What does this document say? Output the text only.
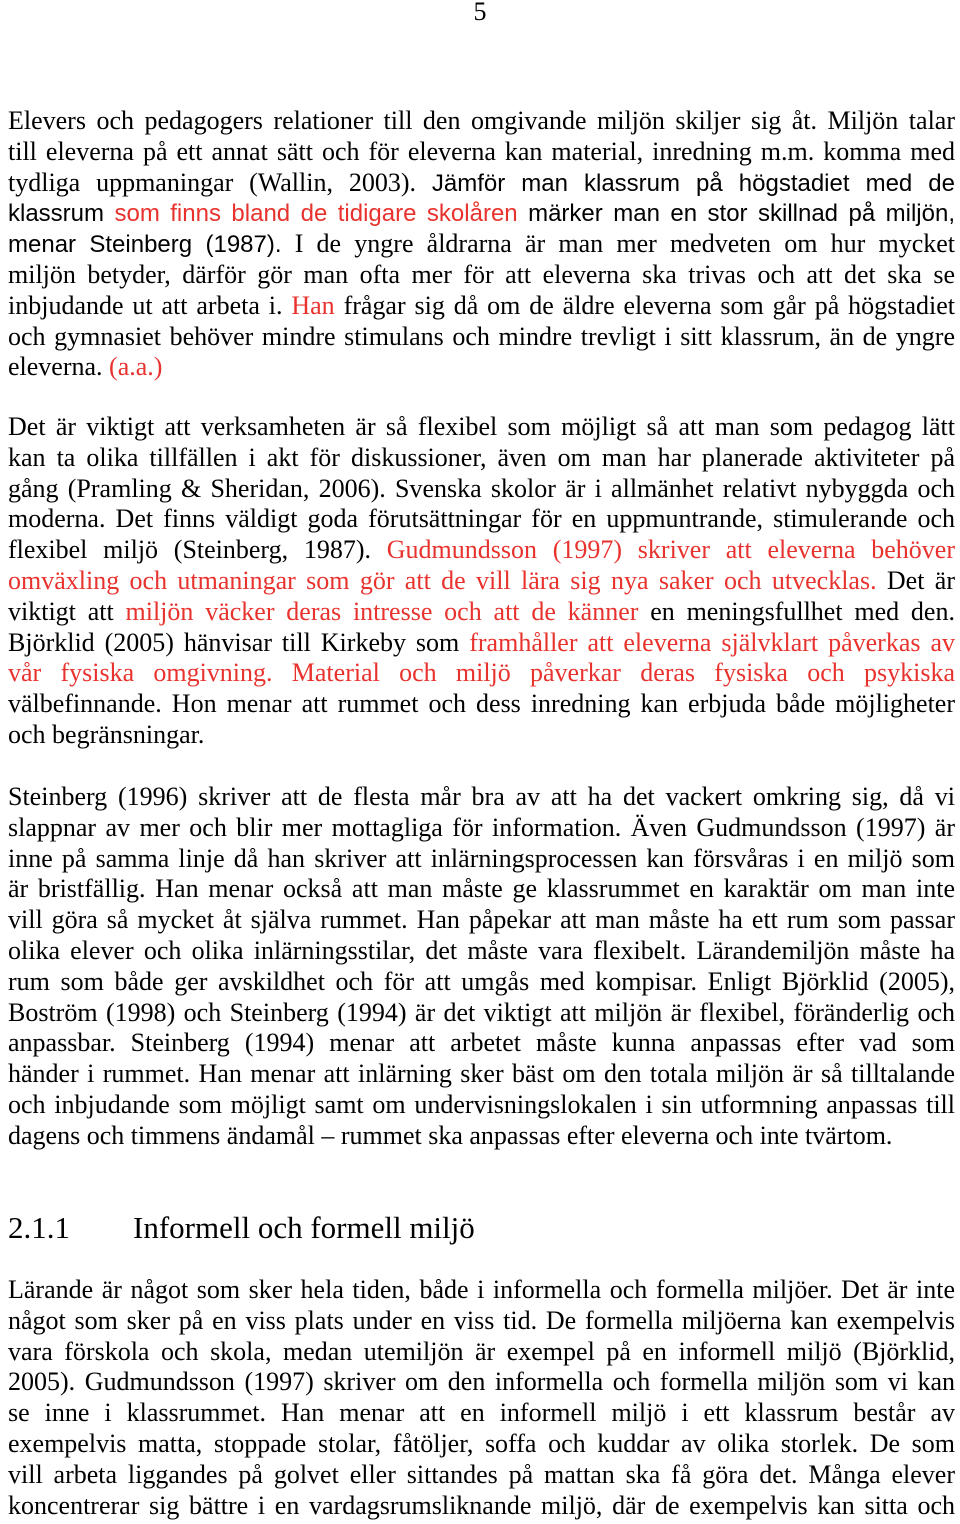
5
Elevers och pedagogers relationer till den omgivande miljön skiljer sig åt. Miljön talar
till eleverna på ett annat sätt och för eleverna kan material, inredning m.m. komma med
tydliga uppmaningar (Wallin, 2003). Jämför man klassrum på högstadiet med de
klassrum som finns bland de tidigare skolåren märker man en stor skillnad på miljön,
menar Steinberg (1987). I de yngre åldrarna är man mer medveten om hur mycket
miljön betyder, därför gör man ofta mer för att eleverna ska trivas och att det ska se
inbjudande ut att arbeta i. Han frågar sig då om de äldre eleverna som går på högstadiet
och gymnasiet behöver mindre stimulans och mindre trevligt i sitt klassrum, än de yngre
eleverna. (a.a.)
Det är viktigt att verksamheten är så flexibel som möjligt så att man som pedagog lätt
kan ta olika tillfällen i akt för diskussioner, även om man har planerade aktiviteter på
gång (Pramling & Sheridan, 2006). Svenska skolor är i allmänhet relativt nybyggda och
moderna. Det finns väldigt goda förutsättningar för en uppmuntrande, stimulerande och
flexibel miljö (Steinberg, 1987). Gudmundsson (1997) skriver att eleverna behöver
omväxling och utmaningar som gör att de vill lära sig nya saker och utvecklas. Det är
viktigt att miljön väcker deras intresse och att de känner en meningsfullhet med den.
Björklid (2005) hänvisar till Kirkeby som framhåller att eleverna självklart påverkas av
vår fysiska omgivning. Material och miljö påverkar deras fysiska och psykiska
välbefinnande. Hon menar att rummet och dess inredning kan erbjuda både möjligheter
och begränsningar.
Steinberg (1996) skriver att de flesta mår bra av att ha det vackert omkring sig, då vi
slappnar av mer och blir mer mottagliga för information. Även Gudmundsson (1997) är
inne på samma linje då han skriver att inlärningsprocessen kan försvåras i en miljö som
är bristfällig. Han menar också att man måste ge klassrummet en karaktär om man inte
vill göra så mycket åt själva rummet. Han påpekar att man måste ha ett rum som passar
olika elever och olika inlärningsstilar, det måste vara flexibelt. Lärandemiljön måste ha
rum som både ger avskildhet och för att umgås med kompisar. Enligt Björklid (2005),
Boström (1998) och Steinberg (1994) är det viktigt att miljön är flexibel, föränderlig och
anpassbar. Steinberg (1994) menar att arbetet måste kunna anpassas efter vad som
händer i rummet. Han menar att inlärning sker bäst om den totala miljön är så tilltalande
och inbjudande som möjligt samt om undervisningslokalen i sin utformning anpassas till
dagens och timmens ändamål – rummet ska anpassas efter eleverna och inte tvärtom.
2.1.1 Informell och formell miljö
Lärande är något som sker hela tiden, både i informella och formella miljöer. Det är inte
något som sker på en viss plats under en viss tid. De formella miljöerna kan exempelvis
vara förskola och skola, medan utemiljön är exempel på en informell miljö (Björklid,
2005). Gudmundsson (1997) skriver om den informella och formella miljön som vi kan
se inne i klassrummet. Han menar att en informell miljö i ett klassrum består av
exempelvis matta, stoppade stolar, fåtöljer, soffa och kuddar av olika storlek. De som
vill arbeta liggandes på golvet eller sittandes på mattan ska få göra det. Många elever
koncentrerar sig bättre i en vardagsrumsliknande miljö, där de exempelvis kan sitta och
